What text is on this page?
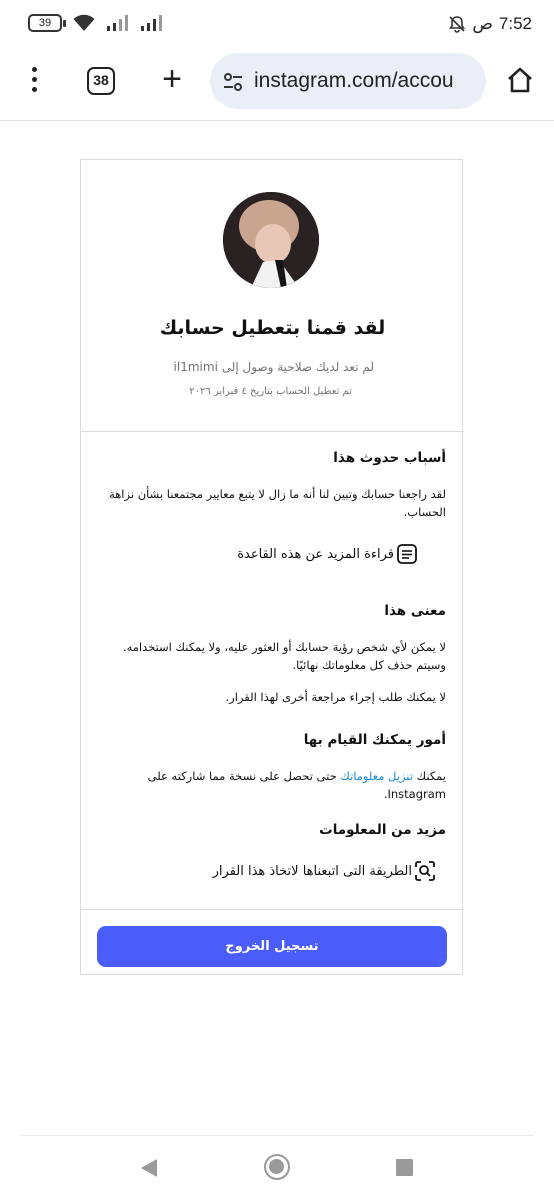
39	ص 7:52
38 +	instagram.com/accou
لقد قمنا بتعطيل حسابك
لم تعد لديك صلاحية وصول إلى il1mimi
تم تعطيل الحساب بتاريخ ٤ فبراير ٢٠٢٦
أسباب حدوث هذا
لقد راجعنا حسابك وتبين لنا أنه ما زال لا يتبع معايير مجتمعنا بشأن نزاهة الحساب.
قراءة المزيد عن هذه القاعدة
معنى هذا
لا يمكن لأي شخص رؤية حسابك أو العثور عليه، ولا يمكنك استخدامه. وسيتم حذف كل معلوماتك نهائيًا.
لا يمكنك طلب إجراء مراجعة أخرى لهذا القرار.
أمور يمكنك القيام بها
يمكنك تنزيل معلوماتك حتى تحصل على نسخة مما شاركته على Instagram.
مزيد من المعلومات
الطريقة التى اتبعناها لاتخاذ هذا القرار
تسجيل الخروج
